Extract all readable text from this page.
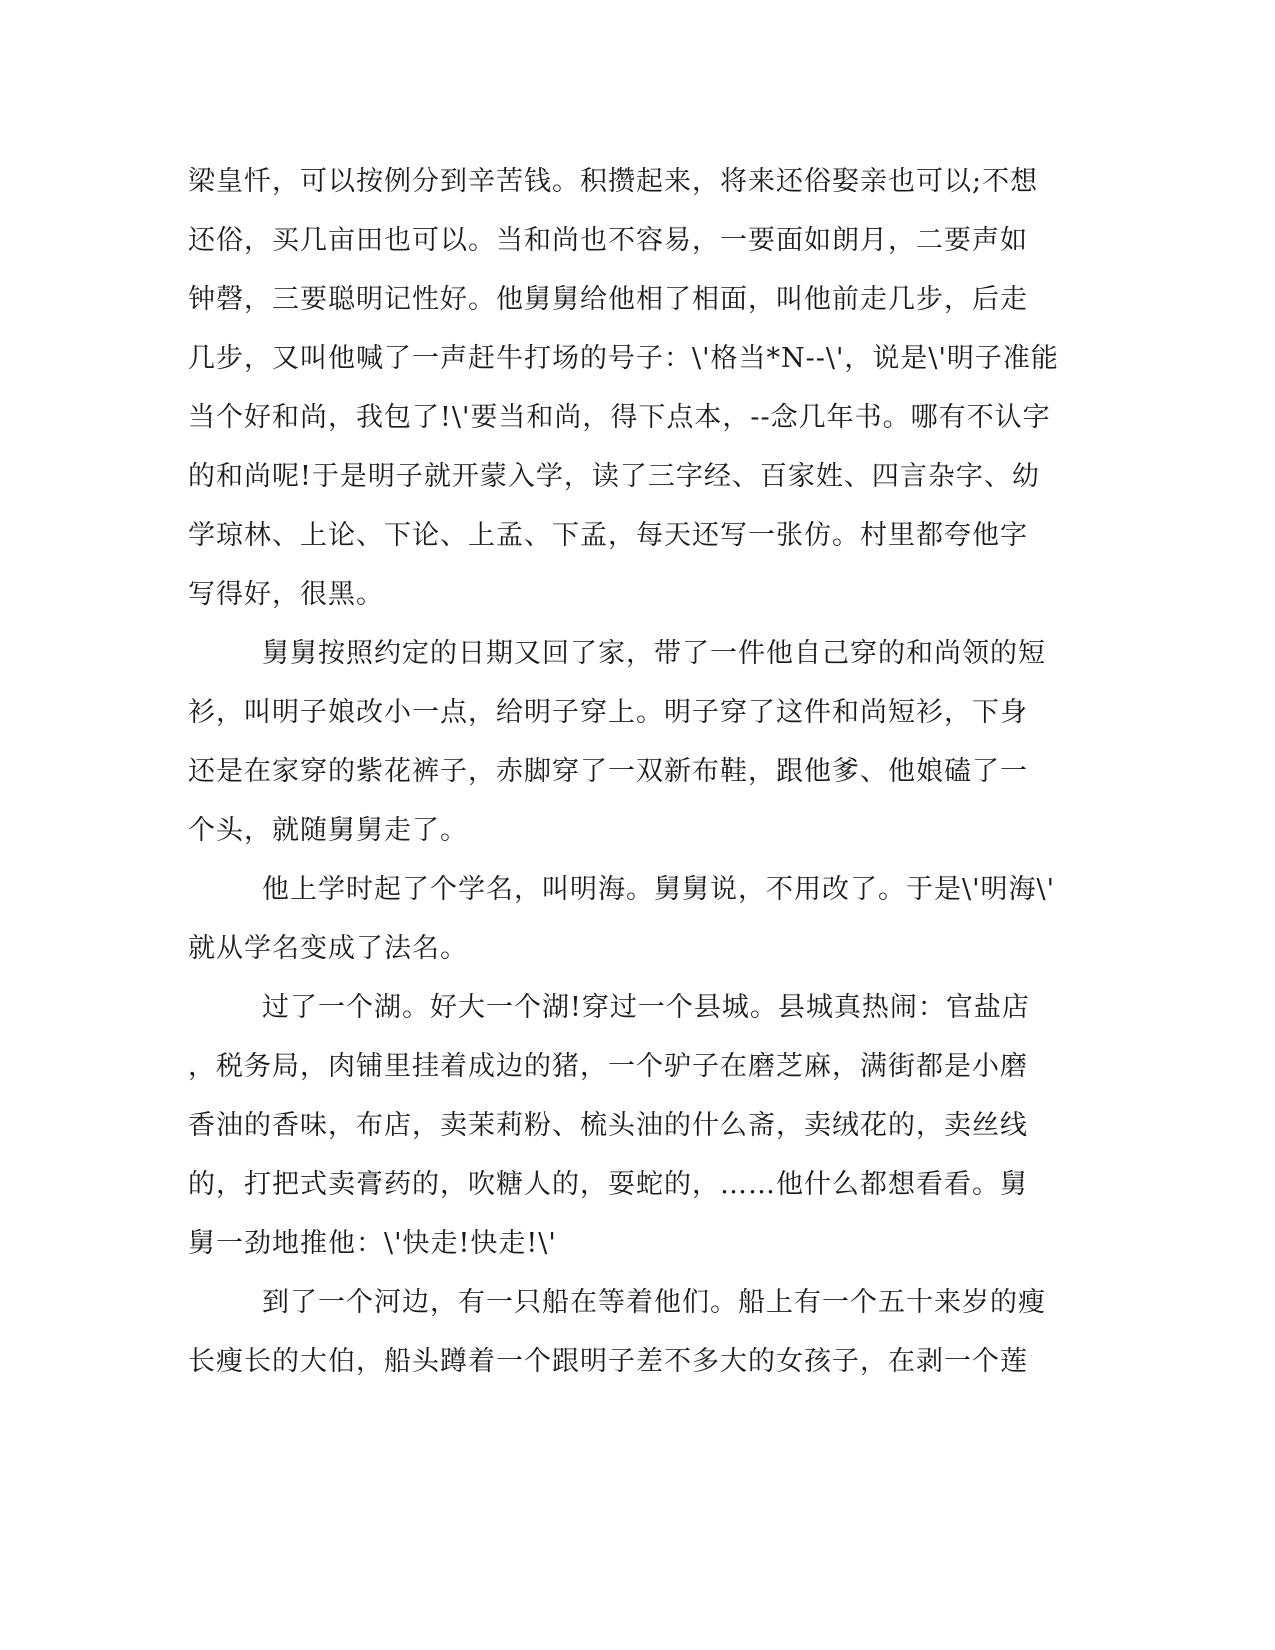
梁皇忏，可以按例分到辛苦钱。积攒起来，将来还俗娶亲也可以;不想
还俗，买几亩田也可以。当和尚也不容易，一要面如朗月，二要声如
钟磬，三要聪明记性好。他舅舅给他相了相面，叫他前走几步，后走
几步，又叫他喊了一声赶牛打场的号子：\'格当*N--\'，说是\'明子准能
当个好和尚，我包了!\'要当和尚，得下点本，--念几年书。哪有不认字
的和尚呢!于是明子就开蒙入学，读了三字经、百家姓、四言杂字、幼
学琼林、上论、下论、上孟、下孟，每天还写一张仿。村里都夸他字
写得好，很黑。
舅舅按照约定的日期又回了家，带了一件他自己穿的和尚领的短
衫，叫明子娘改小一点，给明子穿上。明子穿了这件和尚短衫，下身
还是在家穿的紫花裤子，赤脚穿了一双新布鞋，跟他爹、他娘磕了一
个头，就随舅舅走了。
他上学时起了个学名，叫明海。舅舅说，不用改了。于是\'明海\'
就从学名变成了法名。
过了一个湖。好大一个湖!穿过一个县城。县城真热闹：官盐店
，税务局，肉铺里挂着成边的猪，一个驴子在磨芝麻，满街都是小磨
香油的香味，布店，卖茉莉粉、梳头油的什么斋，卖绒花的，卖丝线
的，打把式卖膏药的，吹糖人的，耍蛇的，……他什么都想看看。舅
舅一劲地推他：\'快走!快走!\'
到了一个河边，有一只船在等着他们。船上有一个五十来岁的瘦
长瘦长的大伯，船头蹲着一个跟明子差不多大的女孩子，在剥一个莲
